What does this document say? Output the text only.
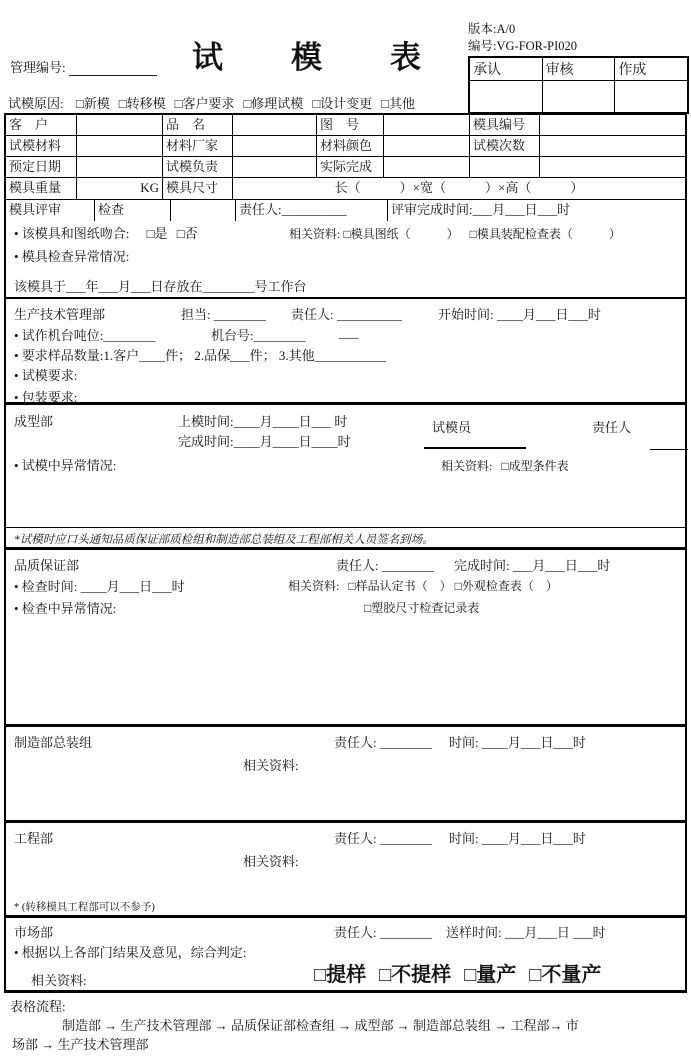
管理编号:	试　　模　　表
版本:A/0
编号:VG-FOR-PI020
承认	审核	作成
试模原因: □新模 □转移模 □客户要求 □修理试模 □设计变更 □其他
客　户	品　名	图　号	模具编号
试模材料	材料厂家	材料颜色	试模次数
预定日期	试模负责	实际完成
模具重量	KG 模具尺寸	长（　　　）×宽（　　　）×高（　　　）
模具评审	检查	责任人:__________	评审完成时间:___月___日___时
• 该模具和图纸吻合: □是 □否	相关资料: □模具图纸（　　　） □模具装配检查表（　　　）
• 模具检查异常情况:
该模具于___年___月___日存放在________号工作台
生产技术管理部	担当: ________ 责任人: __________	开始时间: ____月___日___时
• 试作机台吨位:________	机台号:________	___
• 要求样品数量:1.客户____件； 2.品保___件； 3.其他___________
• 试模要求:
• 包装要求:
成型部	上模时间:____月____日___ 时	试模员	责任人
完成时间:____月____日____时
• 试模中异常情况:	相关资料: □成型条件表
*试模时应口头通知品质保证部质检组和制造部总装组及工程部相关人员签名到场。
品质保证部	责任人: ________ 完成时间: ___月___日___时
• 检查时间: ____月___日___时	相关资料: □样品认定书（　） □外观检查表（　）
• 检查中异常情况:	□塑胶尺寸检查记录表
制造部总装组	责任人: ________ 时间: ____月___日___时
相关资料:
工程部	责任人: ________ 时间: ____月___日___时
相关资料:
* (转移模具工程部可以不参予)
市场部	责任人: ________ 送样时间: ___月___日 ___时
• 根据以上各部门结果及意见，综合判定:
相关资料:	□提样 □不提样 □量产 □不量产
表格流程:
制造部 → 生产技术管理部 → 品质保证部检查组 → 成型部 → 制造部总装组 → 工程部→ 市
场部 → 生产技术管理部
